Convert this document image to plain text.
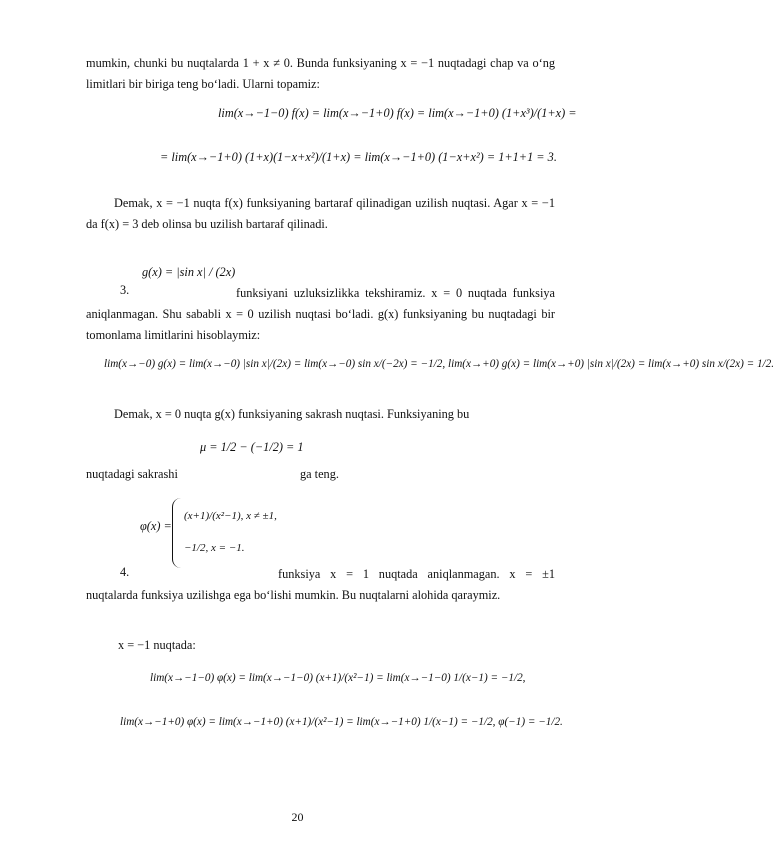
mumkin, chunki bu nuqtalarda 1 + x ≠ 0. Bunda funksiyaning x = −1 nuqtadagi chap va o‘ng limitlari bir biriga teng bo‘ladi. Ularni topamiz:
lim(x→−1−0) f(x) = lim(x→−1+0) f(x) = lim(x→−1+0) (1+x³)/(1+x) =
= lim(x→−1+0) (1+x)(1−x+x²)/(1+x) = lim(x→−1+0) (1−x+x²) = 1+1+1 = 3.
Demak, x = −1 nuqta f(x) funksiyaning bartaraf qilinadigan uzilish nuqtasi. Agar x = −1 da f(x) = 3 deb olinsa bu uzilish bartaraf qilinadi.
3.
g(x) = |sin x| / (2x)
funksiyani uzluksizlikka tekshiramiz. x = 0 nuqtada funksiya aniqlanmagan. Shu sababli x = 0 uzilish nuqtasi bo‘ladi. g(x) funksiyaning bu nuqtadagi bir tomonlama limitlarini hisoblaymiz:
lim(x→−0) g(x) = lim(x→−0) |sin x|/(2x) = lim(x→−0) sin x/(−2x) = −1/2, lim(x→+0) g(x) = lim(x→+0) |sin x|/(2x) = lim(x→+0) sin x/(2x) = 1/2.
Demak, x = 0 nuqta g(x) funksiyaning sakrash nuqtasi. Funksiyaning bu
nuqtadagi sakrashi
μ = 1/2 − (−1/2) = 1
ga teng.
φ(x) =
(x+1)/(x²−1), x ≠ ±1,
−1/2, x = −1.
4.	funksiya x = 1 nuqtada aniqlanmagan. x = ±1 nuqtalarda funksiya uzilishga ega bo‘lishi mumkin. Bu nuqtalarni alohida qaraymiz.
x = −1 nuqtada:
lim(x→−1−0) φ(x) = lim(x→−1−0) (x+1)/(x²−1) = lim(x→−1−0) 1/(x−1) = −1/2,
lim(x→−1+0) φ(x) = lim(x→−1+0) (x+1)/(x²−1) = lim(x→−1+0) 1/(x−1) = −1/2, φ(−1) = −1/2.
20
